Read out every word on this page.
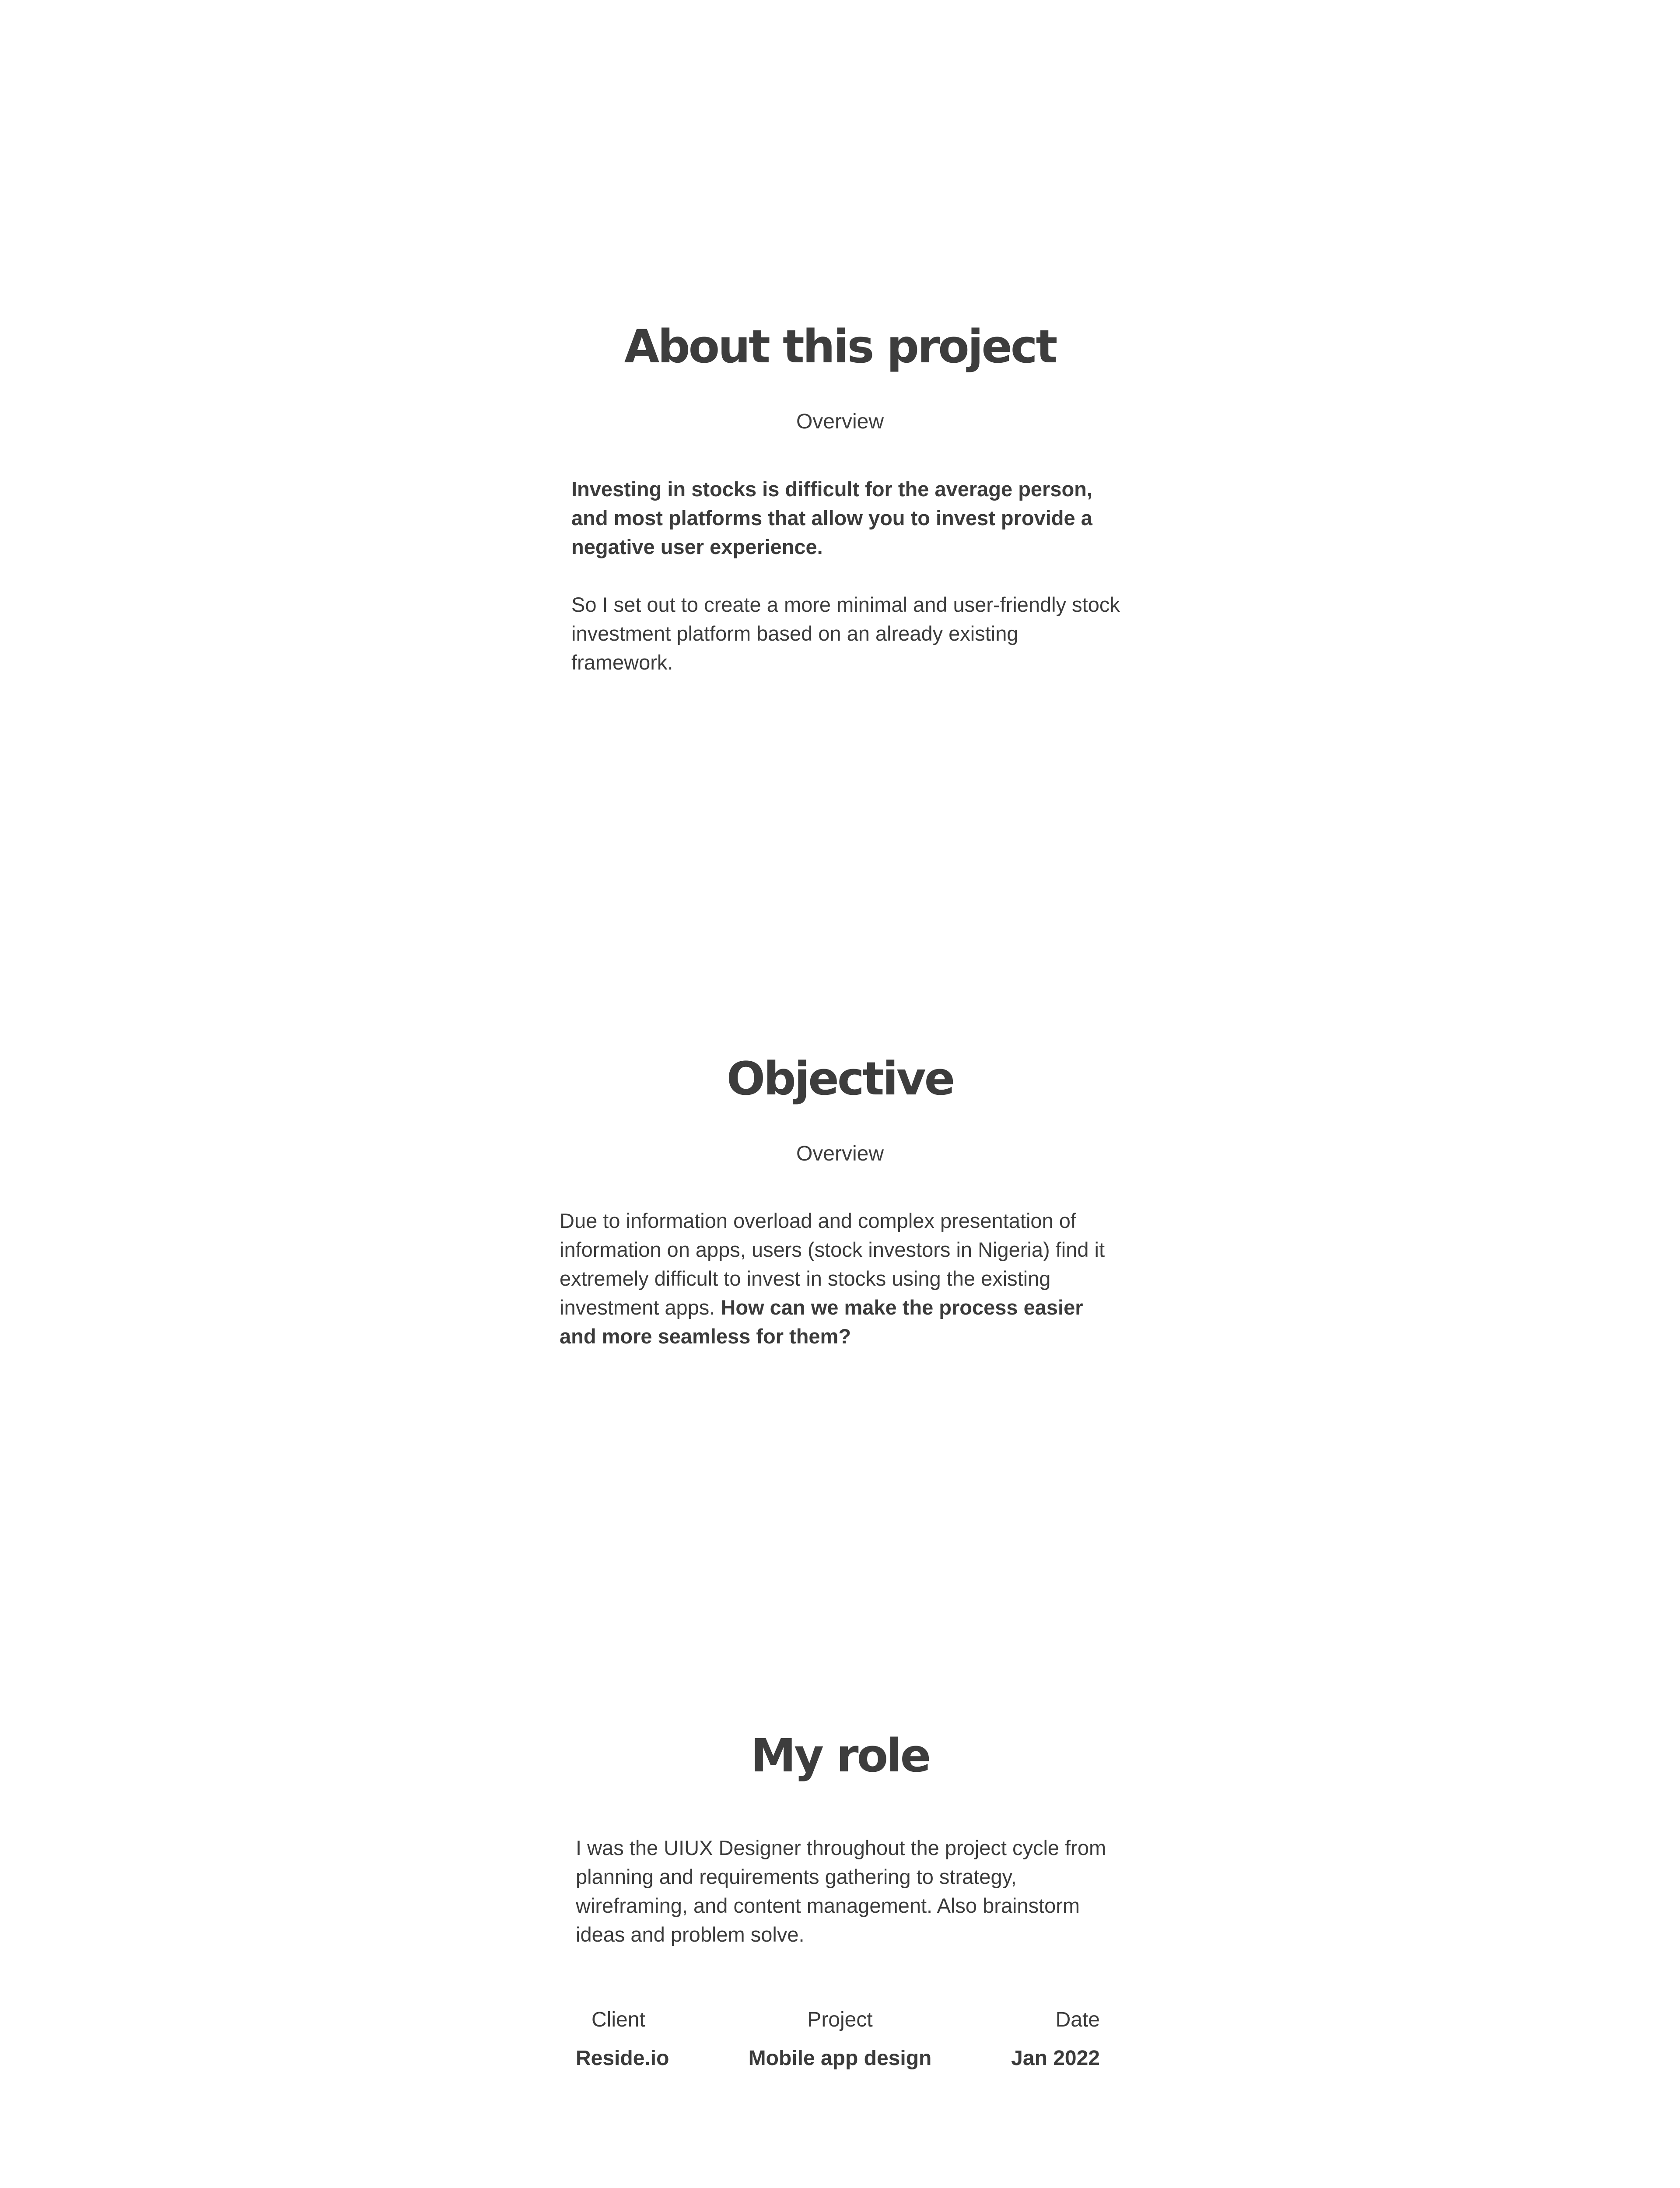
About this project
Overview

Investing in stocks is difficult for the average person, and most platforms that allow you to invest provide a negative user experience.

So I set out to create a more minimal and user-friendly stock investment platform based on an already existing framework.

Objective
Overview

Due to information overload and complex presentation of information on apps, users (stock investors in Nigeria) find it extremely difficult to invest in stocks using the existing investment apps. How can we make the process easier and more seamless for them?

My role

I was the UIUX Designer throughout the project cycle from planning and requirements gathering to strategy, wireframing, and content management. Also brainstorm ideas and problem solve.

Client
Reside.io
Project
Mobile app design
Date
Jan 2022
